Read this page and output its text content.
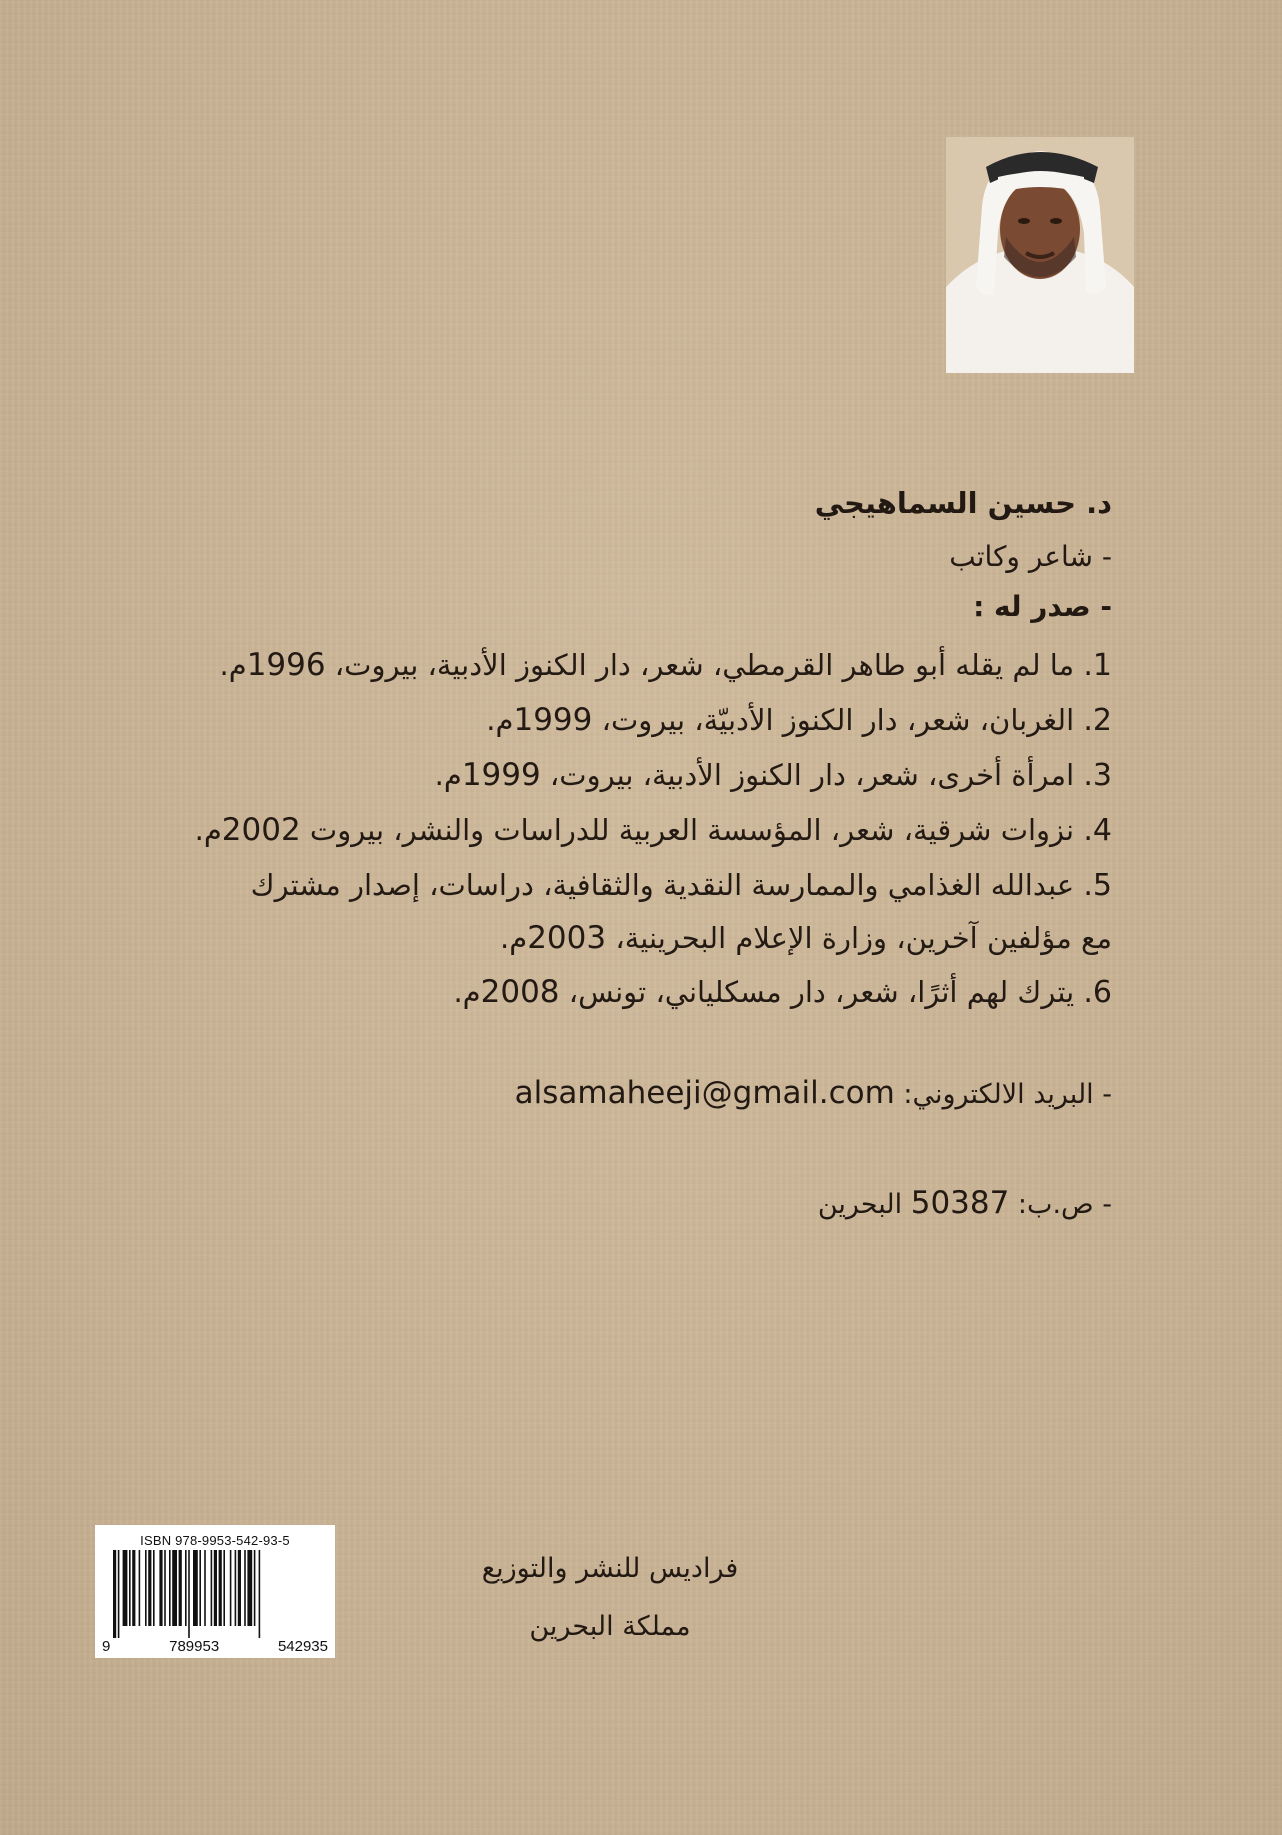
د. حسين السماهيجي
- شاعر وكاتب
- صدر له :
1. ما لم يقله أبو طاهر القرمطي، شعر، دار الكنوز الأدبية، بيروت، 1996م.
2. الغربان، شعر، دار الكنوز الأدبيّة، بيروت، 1999م.
3. امرأة أخرى، شعر، دار الكنوز الأدبية، بيروت، 1999م.
4. نزوات شرقية، شعر، المؤسسة العربية للدراسات والنشر، بيروت 2002م.
5. عبدالله الغذامي والممارسة النقدية والثقافية، دراسات، إصدار مشترك
مع مؤلفين آخرين، وزارة الإعلام البحرينية، 2003م.
6. يترك لهم أثرًا، شعر، دار مسكلياني، تونس، 2008م.
- البريد الالكتروني: alsamaheeji@gmail.com
- ص.ب: 50387 البحرين
فراديس للنشر والتوزيع
مملكة البحرين
ISBN 978-9953-542-93-5
9	789953	542935
